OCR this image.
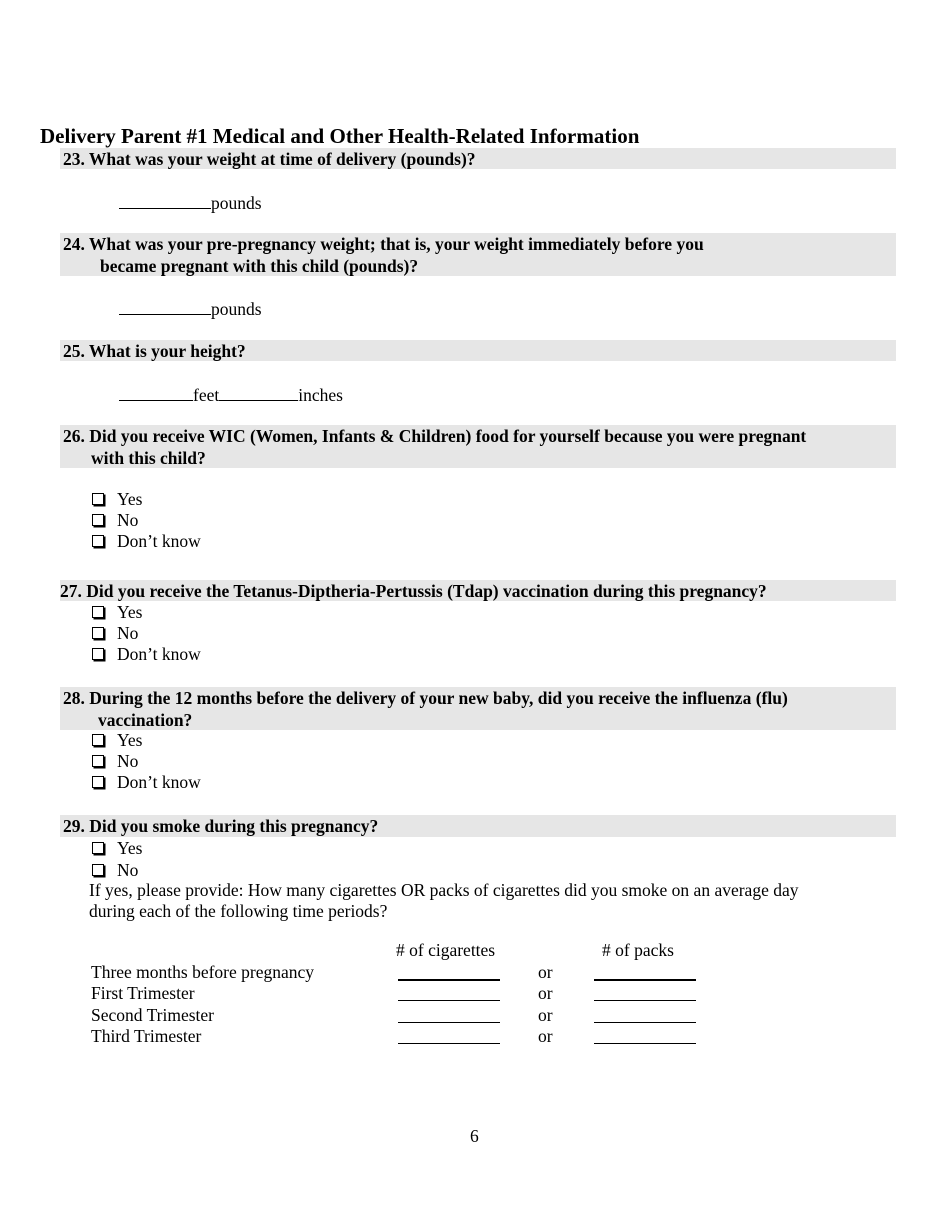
Delivery Parent #1 Medical and Other Health-Related Information
23. What was your weight at time of delivery (pounds)?
pounds
24. What was your pre-pregnancy weight; that is, your weight immediately before you
became pregnant with this child (pounds)?
pounds
25. What is your height?
feet	inches
26. Did you receive WIC (Women, Infants & Children) food for yourself because you were pregnant
with this child?
Yes
No
Don’t know
27. Did you receive the Tetanus-Diptheria-Pertussis (Tdap) vaccination during this pregnancy?
Yes
No
Don’t know
28. During the 12 months before the delivery of your new baby, did you receive the influenza (flu)
vaccination?
Yes
No
Don’t know
29. Did you smoke during this pregnancy?
Yes
No
If yes, please provide: How many cigarettes OR packs of cigarettes did you smoke on an average day
during each of the following time periods?
# of cigarettes	# of packs
Three months before pregnancy	or
First Trimester	or
Second Trimester	or
Third Trimester	or
6
